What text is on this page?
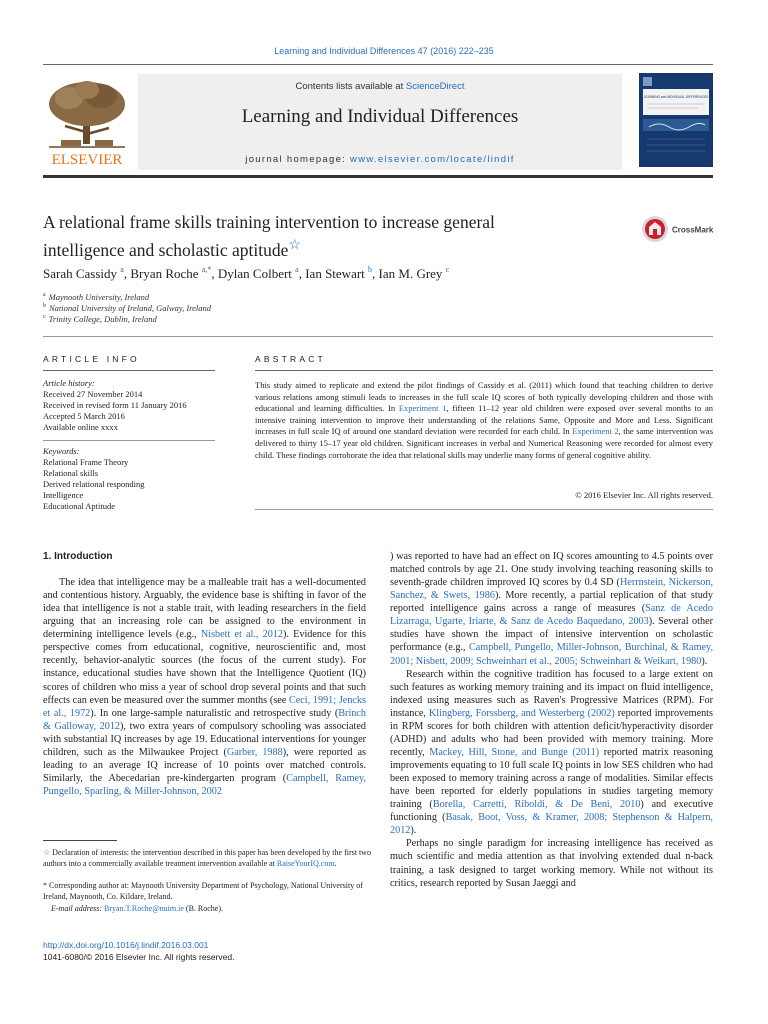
Learning and Individual Differences 47 (2016) 222–235
ELSEVIER
Contents lists available at ScienceDirect
Learning and Individual Differences
journal homepage: www.elsevier.com/locate/lindif
LEARNING and INDIVIDUAL DIFFERENCES
A relational frame skills training intervention to increase general
intelligence and scholastic aptitude☆
CrossMark
Sarah Cassidy $^a$, Bryan Roche $^{a,*}$, Dylan Colbert $^a$, Ian Stewart $^b$, Ian M. Grey $^c$
$^a$ Maynooth University, Ireland
$^b$ National University of Ireland, Galway, Ireland
$^c$ Trinity College, Dublin, Ireland
ARTICLE INFO
Article history:
Received 27 November 2014
Received in revised form 11 January 2016
Accepted 5 March 2016
Available online xxxx
Keywords:
Relational Frame Theory
Relational skills
Derived relational responding
Intelligence
Educational Aptitude
ABSTRACT
This study aimed to replicate and extend the pilot findings of Cassidy et al. (2011) which found that teaching children to derive various relations among stimuli leads to increases in the full scale IQ scores of both typically developing children and those with educational and learning difficulties. In Experiment 1, fifteen 11–12 year old children were exposed over several months to an intensive training intervention to improve their understanding of the relations Same, Opposite and More and Less. Significant increases in full scale IQ of around one standard deviation were recorded for each child. In Experiment 2, the same intervention was delivered to thirty 15–17 year old children. Significant increases in verbal and Numerical Reasoning were recorded for almost every child. These findings corroborate the idea that relational skills may underlie many forms of general cognitive ability.
© 2016 Elsevier Inc. All rights reserved.
1. Introduction

The idea that intelligence may be a malleable trait has a well-documented and contentious history. Arguably, the evidence base is shifting in favor of the idea that intelligence is not a stable trait, with leading researchers in the field arguing that an increasing role can be assigned to the environment in determining intelligence levels (e.g., Nisbett et al., 2012). Evidence for this perspective comes from educational, cognitive, neuroscientific and, most recently, behavior-analytic sources (the focus of the current study). For instance, educational studies have shown that the Intelligence Quotient (IQ) scores of children who miss a year of school drop several points and that such effects can even be measured over the summer months (see Ceci, 1991; Jencks et al., 1972). In one large-sample naturalistic and retrospective study (Brinch & Galloway, 2012), two extra years of compulsory schooling was associated with substantial IQ increases by age 19. Educational interventions for younger children, such as the Milwaukee Project (Garber, 1988), were reported as leading to an average IQ increase of 10 points over matched controls. Similarly, the Abecedarian pre-kindergarten program (Campbell, Ramey, Pungello, Sparling, & Miller-Johnson, 2002

) was reported to have had an effect on IQ scores amounting to 4.5 points over matched controls by age 21. One study involving teaching reasoning skills to seventh-grade children improved IQ scores by 0.4 SD (Herrnstein, Nickerson, Sanchez, & Swets, 1986). More recently, a partial replication of that study reported intelligence gains across a range of measures (Sanz de Acedo Lizarraga, Ugarte, Iriarte, & Sanz de Acedo Baquedano, 2003). Several other studies have shown the impact of intensive intervention on scholastic performance (e.g., Campbell, Pungello, Miller-Johnson, Burchinal, & Ramey, 2001; Nisbett, 2009; Schweinhart et al., 2005; Schweinhart & Weikart, 1980).

Research within the cognitive tradition has focused to a large extent on such features as working memory training and its impact on fluid intelligence, indexed using measures such as Raven's Progressive Matrices (RPM). For instance, Klingberg, Forssberg, and Westerberg (2002) reported improvements in RPM scores for both children with attention deficit/hyperactivity disorder (ADHD) and adults who had been provided with memory training. More recently, Mackey, Hill, Stone, and Bunge (2011) reported matrix reasoning improvements equating to 10 full scale IQ points in low SES children who had been exposed to memory training across a range of modalities. Similar effects have been reported for elderly populations in studies targeting memory training (Borella, Carretti, Riboldi, & De Beni, 2010) and executive functioning (Basak, Boot, Voss, & Kramer, 2008; Stephenson & Halpern, 2012).

Perhaps no single paradigm for increasing intelligence has received as much scientific and media attention as that involving extended dual n-back training, a task designed to target working memory. While not without its critics, research reported by Susan Jaeggi and

☆ Declaration of interests: the intervention described in this paper has been developed by the first two authors into a commercially available treatment intervention available at RaiseYourIQ.com.
* Corresponding author at: Maynooth University Department of Psychology, National University of Ireland, Maynooth, Co. Kildare, Ireland.
E-mail address: Bryan.T.Roche@nuim.ie (B. Roche).
http://dx.doi.org/10.1016/j.lindif.2016.03.001
1041-6080/© 2016 Elsevier Inc. All rights reserved.
